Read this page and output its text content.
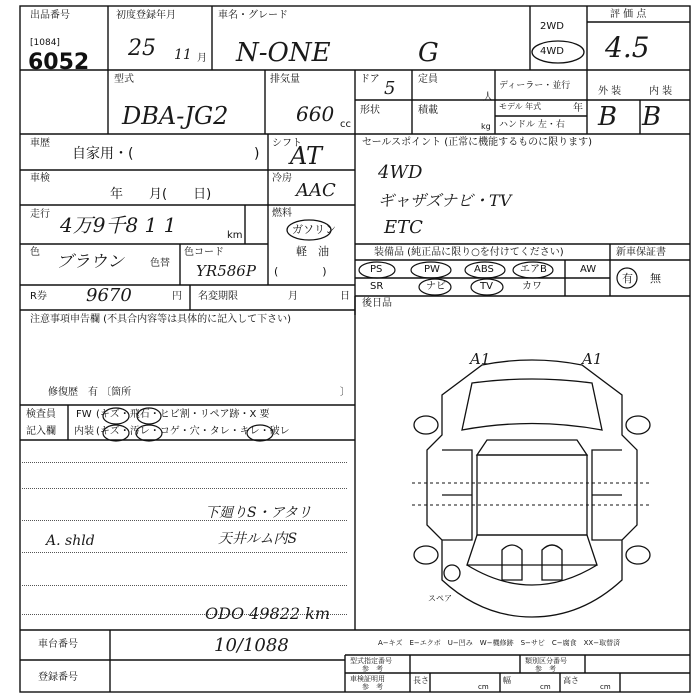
出品番号
[1084]
6052
初度登録年月
25 11 月
車名・グレード
N-ONE	G
2WD
4WD
評 価 点
4.5
型式
DBA-JG2
排気量
660 cc
ドア 5
形状
定員
人
積載
kg
ディーラー・並行
モデル 年式	年
ハンドル 左・右
外 装	内 装
B B
車歴
自家用・(	)
シフト
AT
車検
年　　月(　　日)
冷房
AAC
走行 4万9千8 1 1	km
燃料
ガソリン
軽　油
(　　　　)
色 ブラウン	色替
色コード
YR586P
R券 9670	円 名変期限	月	日
注意事項申告欄 (不具合内容等は具体的に記入して下さい)
修復歴　有 〔箇所	〕
検査員
記入欄
FW (キズ・飛石・ヒビ割・リペア跡・X 要
内装 (キズ・汚レ・コゲ・穴・タレ・キレ・破レ
A. shld
下廻りS・アタリ
天井ルム内S
ODO 49822 km
セールスポイント (正常に機能するものに限ります)
4WD
ギャザズナビ・TV
ETC
装備品 (純正品に限り○を付けてください)	新車保証書
PS	PW	ABS	エアB	AW
SR	ナビ	TV	カワ
有 無
後日品
A1	A1
スペア
A−キズ　E−エクボ　U−凹み　W−機修跡　S−サビ　C−腐食　XX−取替済
車台番号	10/1088
登録番号
型式指定番号
参　考
類別区分番号
参　考
車検証明用
参　考
長さ
cm
幅
cm
高さ
cm
